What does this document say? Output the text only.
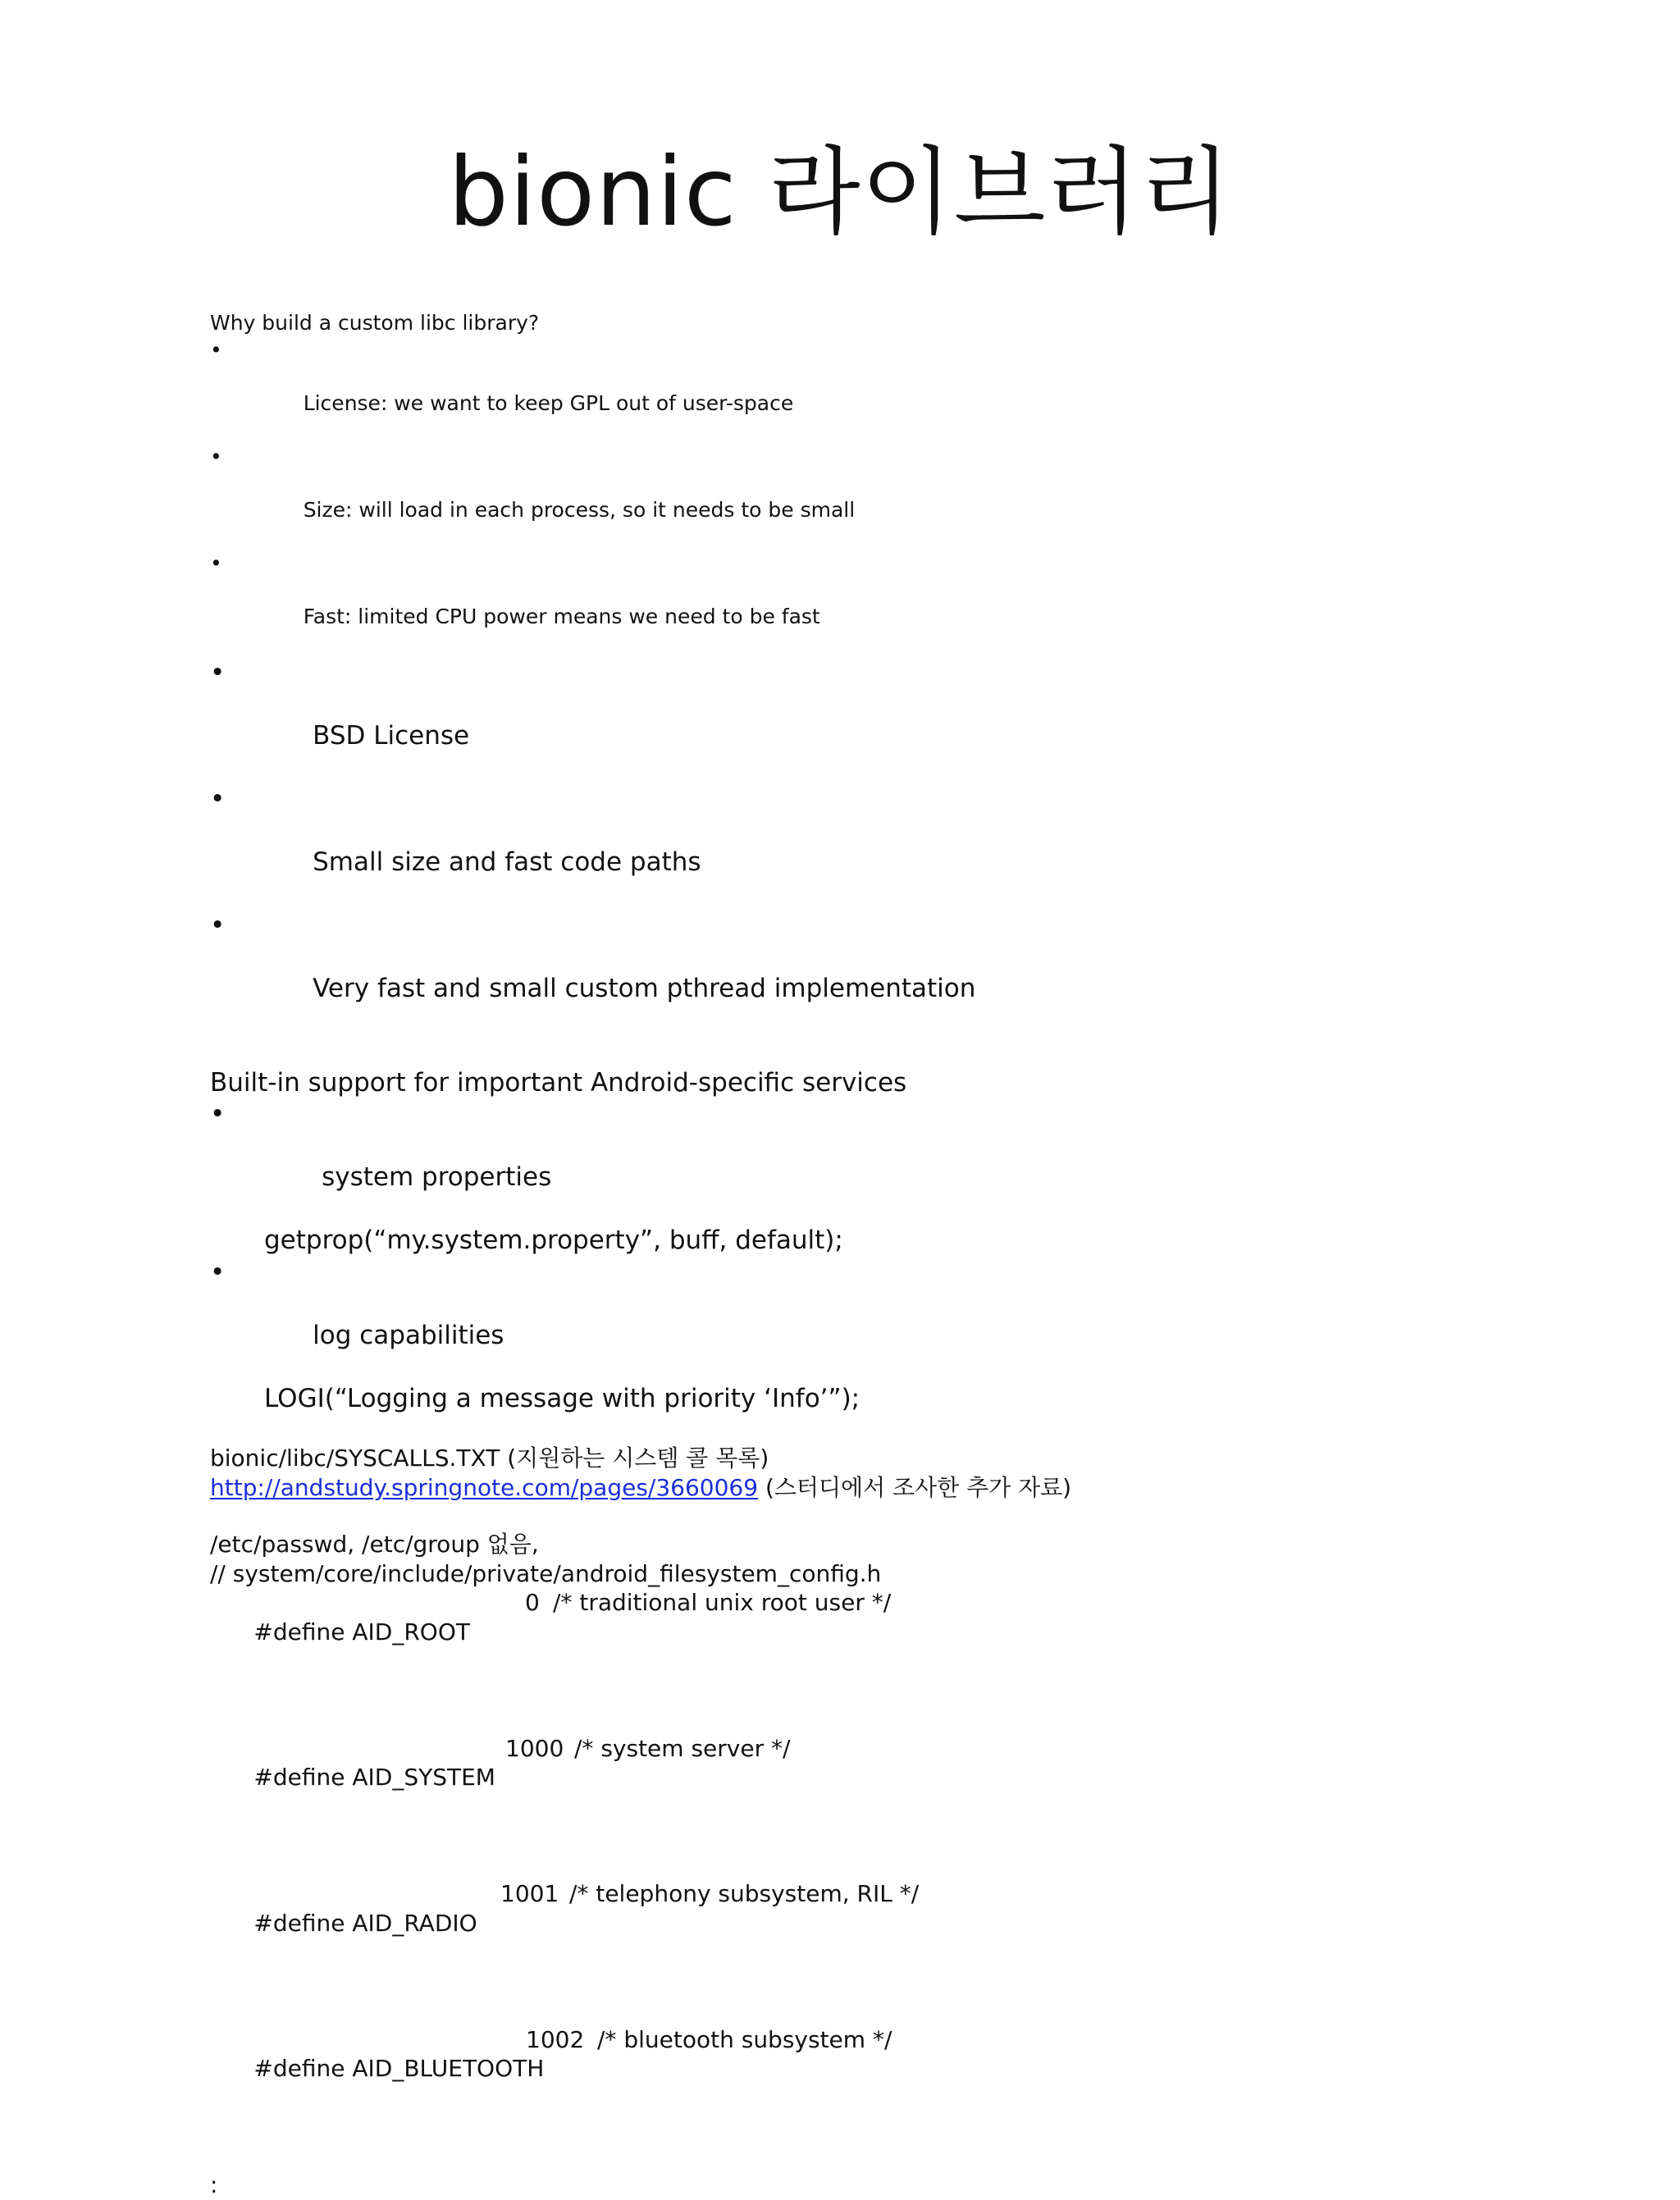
bionic 라이브러리
Why build a custom libc library?

•

License: we want to keep GPL out of user-space

•

Size: will load in each process, so it needs to be small

•

Fast: limited CPU power means we need to be fast

•

BSD License

•

Small size and fast code paths

•

Very fast and small custom pthread implementation

Built-in support for important Android-specific services

•

system properties

getprop(“my.system.property”, buff, default);

•

log capabilities

LOGI(“Logging a message with priority ‘Info’”);
bionic/libc/SYSCALLS.TXT (지원하는 시스템 콜 목록)
http://andstudy.springnote.com/pages/3660069 (스터디에서 조사한 추가 자료)
/etc/passwd, /etc/group 없음,
// system/core/include/private/android_filesystem_config.h

#define AID_ROOT

0

/* traditional unix root user */

#define AID_SYSTEM

1000

/* system server */

#define AID_RADIO

1001

/* telephony subsystem, RIL */

#define AID_BLUETOOTH

1002

/* bluetooth subsystem */

:
